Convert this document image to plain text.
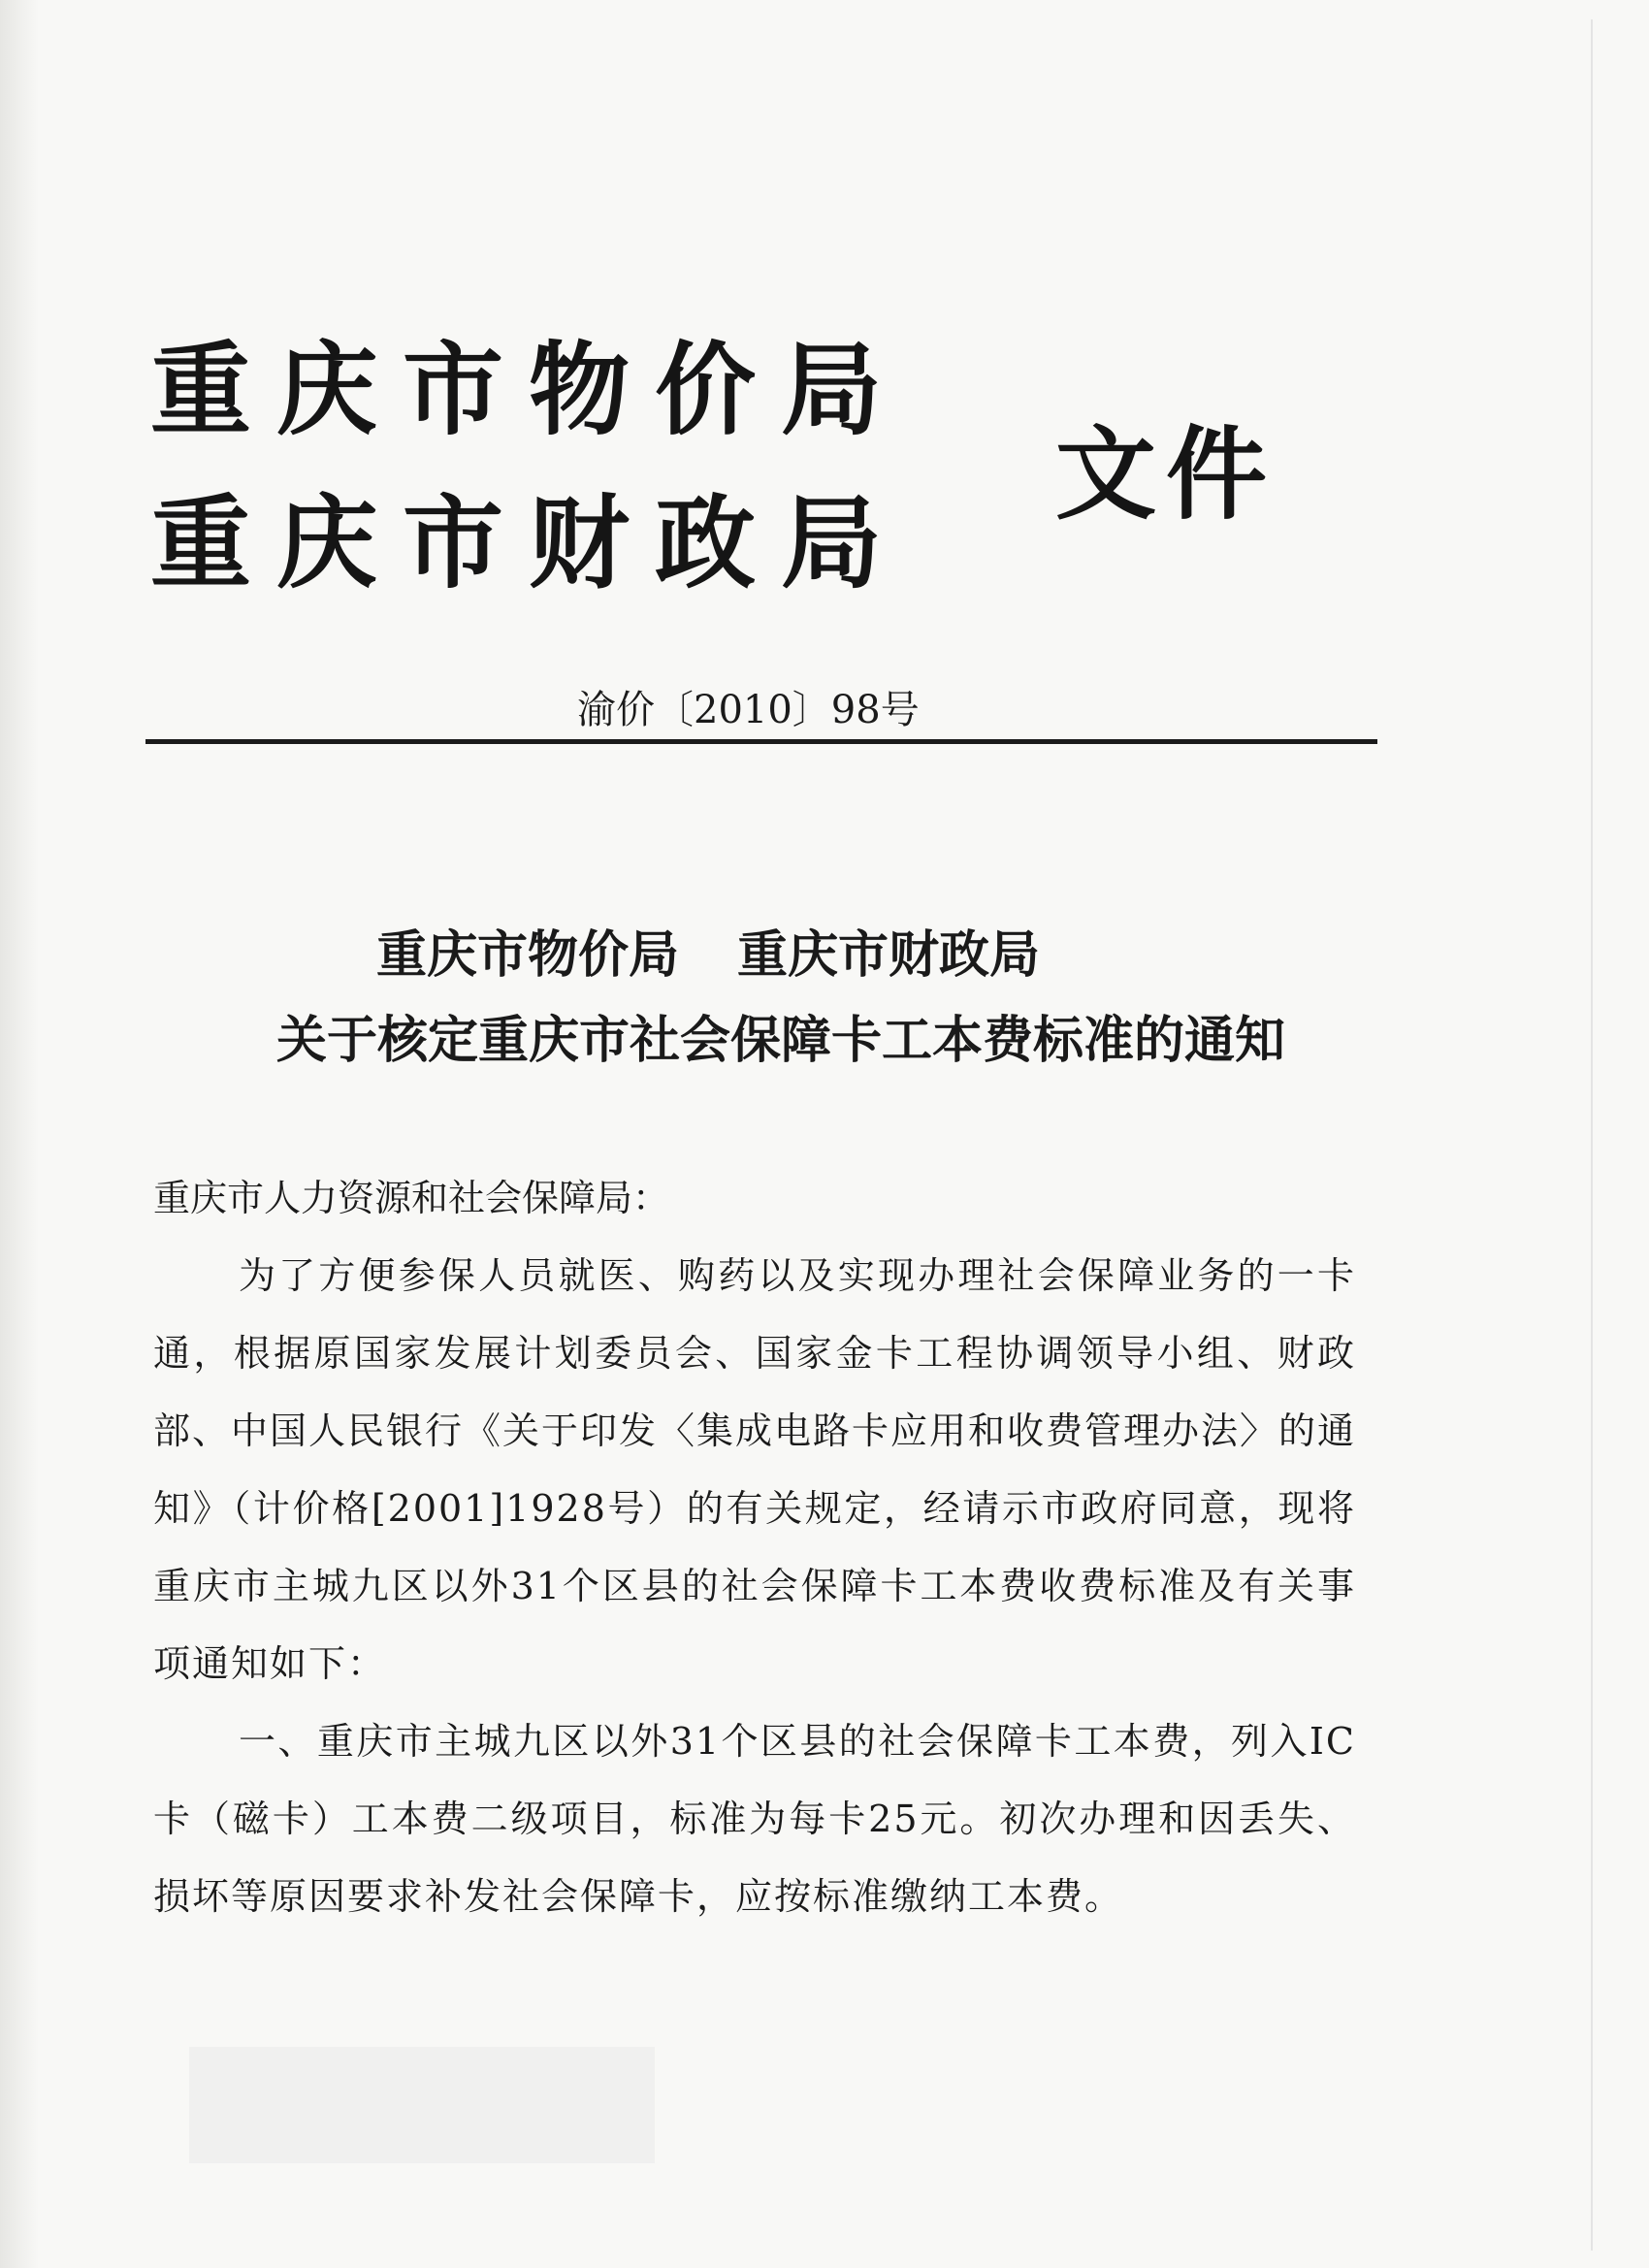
重庆市物价局
重庆市财政局
文件
渝价〔2010〕98号
重庆市物价局 重庆市财政局
关于核定重庆市社会保障卡工本费标准的通知
重庆市人力资源和社会保障局：

为了方便参保人员就医、购药以及实现办理社会保障业务的一卡通，根据原国家发展计划委员会、国家金卡工程协调领导小组、财政部、中国人民银行《关于印发〈集成电路卡应用和收费管理办法〉的通知》（计价格[2001]1928号）的有关规定，经请示市政府同意，现将重庆市主城九区以外31个区县的社会保障卡工本费收费标准及有关事项通知如下：

一、重庆市主城九区以外31个区县的社会保障卡工本费，列入IC卡（磁卡）工本费二级项目，标准为每卡25元。初次办理和因丢失、损坏等原因要求补发社会保障卡，应按标准缴纳工本费。
